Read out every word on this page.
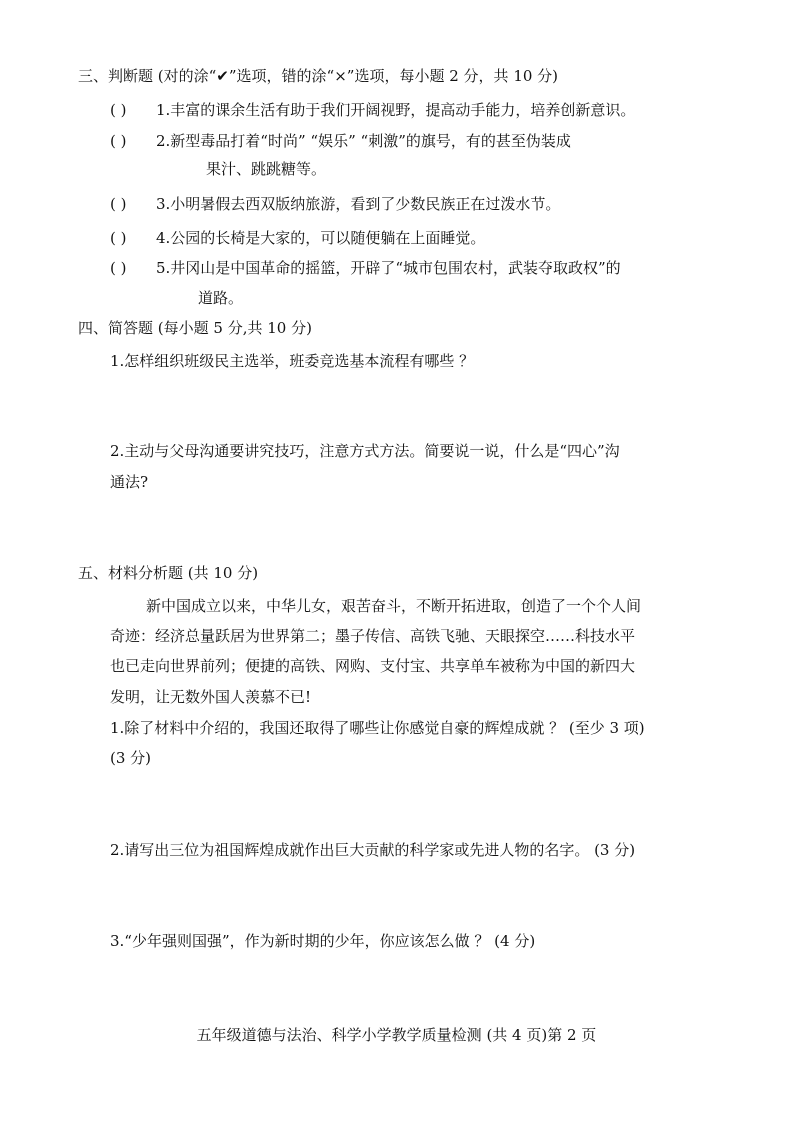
三、判断题 (对的涂“✔”选项，错的涂“×”选项，每小题 2 分，共 10 分)
( ) 1.丰富的课余生活有助于我们开阔视野，提高动手能力，培养创新意识。
( ) 2.新型毒品打着“时尚” “娱乐” “刺激”的旗号，有的甚至伪装成
果汁、跳跳糖等。
( ) 3.小明暑假去西双版纳旅游，看到了少数民族正在过泼水节。
( ) 4.公园的长椅是大家的，可以随便躺在上面睡觉。
( ) 5.井冈山是中国革命的摇篮，开辟了“城市包围农村，武装夺取政权”的
道路。
四、简答题 (每小题 5 分,共 10 分)
1.怎样组织班级民主选举，班委竞选基本流程有哪些 ？
2.主动与父母沟通要讲究技巧，注意方式方法。简要说一说，什么是“四心”沟
通法?
五、材料分析题 (共 10 分)
新中国成立以来，中华儿女，艰苦奋斗，不断开拓进取，创造了一个个人间
奇迹：经济总量跃居为世界第二；墨子传信、高铁飞驰、天眼探空……科技水平
也已走向世界前列；便捷的高铁、网购、支付宝、共享单车被称为中国的新四大
发明，让无数外国人羡慕不已!
1.除了材料中介绍的，我国还取得了哪些让你感觉自豪的辉煌成就 ？ (至少 3 项)
(3 分)
2.请写出三位为祖国辉煌成就作出巨大贡献的科学家或先进人物的名字。 (3 分)
3.“少年强则国强”，作为新时期的少年，你应该怎么做 ？ (4 分)
五年级道德与法治、科学小学教学质量检测 (共 4 页)第 2 页
